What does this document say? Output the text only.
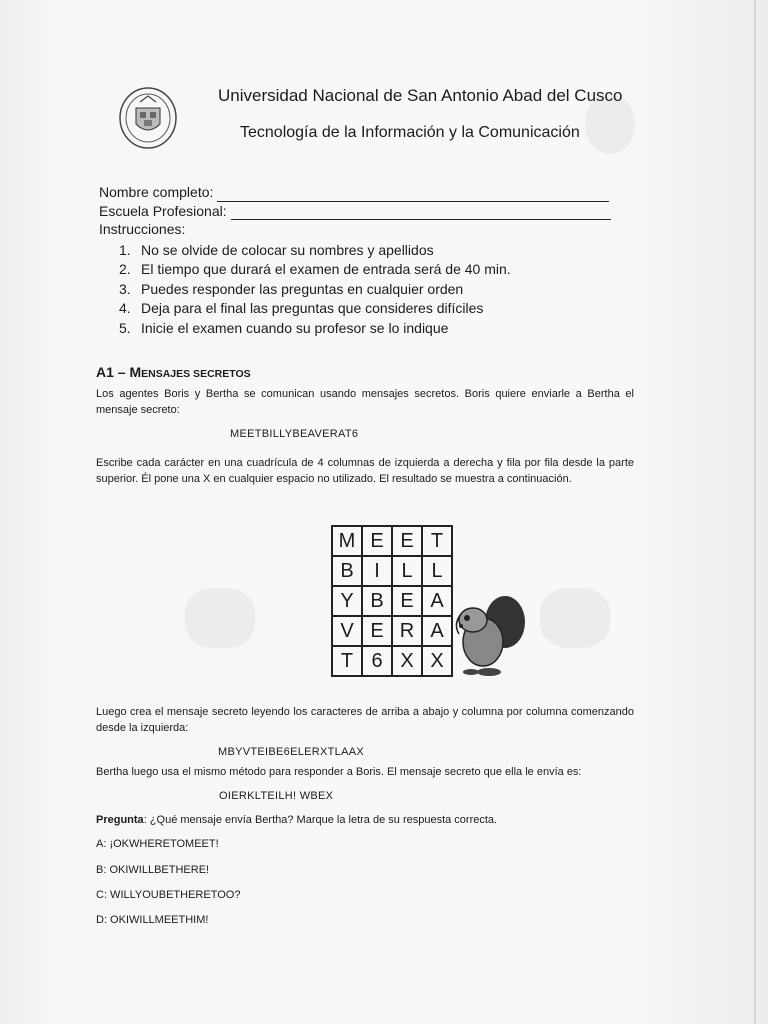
Universidad Nacional de San Antonio Abad del Cusco
Tecnología de la Información y la Comunicación
Nombre completo:
Escuela Profesional:
Instrucciones:
1. No se olvide de colocar su nombres y apellidos
2. El tiempo que durará el examen de entrada será de 40 min.
3. Puedes responder las preguntas en cualquier orden
4. Deja para el final las preguntas que consideres difíciles
5. Inicie el examen cuando su profesor se lo indique
A1 – MENSAJES SECRETOS
Los agentes Boris y Bertha se comunican usando mensajes secretos. Boris quiere enviarle a Bertha el mensaje secreto:
MEETBILLYBEAVERAT6
Escribe cada carácter en una cuadrícula de 4 columnas de izquierda a derecha y fila por fila desde la parte superior. Él pone una X en cualquier espacio no utilizado. El resultado se muestra a continuación.
M E E T
B	I	L L
Y B E A
V E R A
T 6 X X
Luego crea el mensaje secreto leyendo los caracteres de arriba a abajo y columna por columna comenzando desde la izquierda:
MBYVTEIBE6ELERXTLAAX
Bertha luego usa el mismo método para responder a Boris. El mensaje secreto que ella le envía es:
OIERKLTEILH! WBEX
Pregunta: ¿Qué mensaje envía Bertha? Marque la letra de su respuesta correcta.
A: ¡OKWHERETOMEET!
B: OKIWILLBETHERE!
C: WILLYOUBETHERETOO?
D: OKIWILLMEETHIM!
